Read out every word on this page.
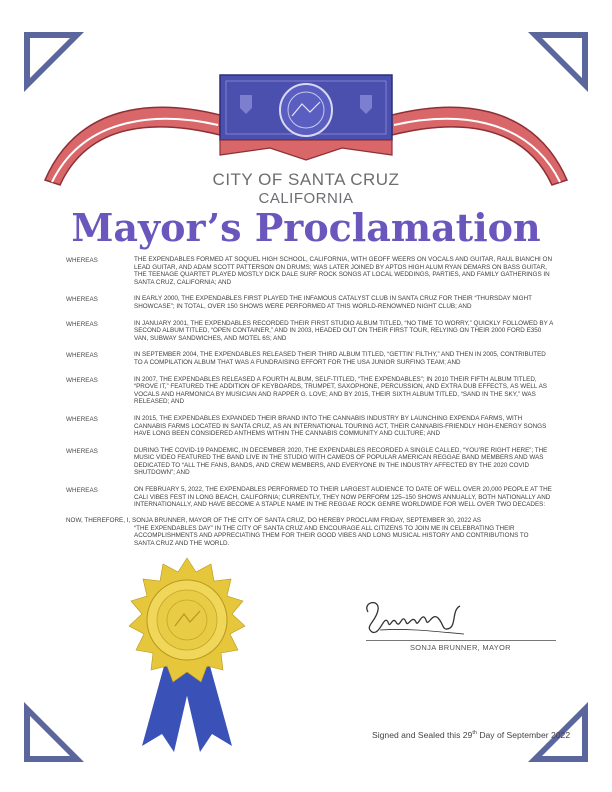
CITY OF SANTA CRUZ
CALIFORNIA
Mayor’s Proclamation
WHEREAS	THE EXPENDABLES FORMED AT SOQUEL HIGH SCHOOL, CALIFORNIA, WITH GEOFF WEERS ON VOCALS AND GUITAR, RAUL BIANCHI ON LEAD GUITAR, AND ADAM SCOTT PATTERSON ON DRUMS; WAS LATER JOINED BY APTOS HIGH ALUM RYAN DEMARS ON BASS GUITAR, THE TEENAGE QUARTET PLAYED MOSTLY DICK DALE SURF ROCK SONGS AT LOCAL WEDDINGS, PARTIES, AND FAMILY GATHERINGS IN SANTA CRUZ, CALIFORNIA; AND
WHEREAS	IN EARLY 2000, THE EXPENDABLES FIRST PLAYED THE INFAMOUS CATALYST CLUB IN SANTA CRUZ FOR THEIR “THURSDAY NIGHT SHOWCASE”; IN TOTAL, OVER 150 SHOWS WERE PERFORMED AT THIS WORLD-RENOWNED NIGHT CLUB; AND
WHEREAS	IN JANUARY 2001, THE EXPENDABLES RECORDED THEIR FIRST STUDIO ALBUM TITLED, “NO TIME TO WORRY,” QUICKLY FOLLOWED BY A SECOND ALBUM TITLED, “OPEN CONTAINER,” AND IN 2003, HEADED OUT ON THEIR FIRST TOUR, RELYING ON THEIR 2000 FORD E350 VAN, SUBWAY SANDWICHES, AND MOTEL 6S; AND
WHEREAS	IN SEPTEMBER 2004, THE EXPENDABLES RELEASED THEIR THIRD ALBUM TITLED, “GETTIN’ FILTHY,” AND THEN IN 2005, CONTRIBUTED TO A COMPILATION ALBUM THAT WAS A FUNDRAISING EFFORT FOR THE USA JUNIOR SURFING TEAM; AND
WHEREAS	IN 2007, THE EXPENDABLES RELEASED A FOURTH ALBUM, SELF-TITLED, “THE EXPENDABLES”; IN 2010 THEIR FIFTH ALBUM TITLED, “PROVE IT,” FEATURED THE ADDITION OF KEYBOARDS, TRUMPET, SAXOPHONE, PERCUSSION, AND EXTRA DUB EFFECTS, AS WELL AS VOCALS AND HARMONICA BY MUSICIAN AND RAPPER G. LOVE; AND BY 2015, THEIR SIXTH ALBUM TITLED, “SAND IN THE SKY,” WAS RELEASED; AND
WHEREAS	IN 2015, THE EXPENDABLES EXPANDED THEIR BRAND INTO THE CANNABIS INDUSTRY BY LAUNCHING EXPENDA FARMS, WITH CANNABIS FARMS LOCATED IN SANTA CRUZ, AS AN INTERNATIONAL TOURING ACT, THEIR CANNABIS-FRIENDLY HIGH-ENERGY SONGS HAVE LONG BEEN CONSIDERED ANTHEMS WITHIN THE CANNABIS COMMUNITY AND CULTURE; AND
WHEREAS	DURING THE COVID-19 PANDEMIC, IN DECEMBER 2020, THE EXPENDABLES RECORDED A SINGLE CALLED, “YOU’RE RIGHT HERE”; THE MUSIC VIDEO FEATURED THE BAND LIVE IN THE STUDIO WITH CAMEOS OF POPULAR AMERICAN REGGAE BAND MEMBERS AND WAS DEDICATED TO “ALL THE FANS, BANDS, AND CREW MEMBERS, AND EVERYONE IN THE INDUSTRY AFFECTED BY THE 2020 COVID SHUTDOWN”; AND
WHEREAS	ON FEBRUARY 5, 2022, THE EXPENDABLES PERFORMED TO THEIR LARGEST AUDIENCE TO DATE OF WELL OVER 20,000 PEOPLE AT THE CALI VIBES FEST IN LONG BEACH, CALIFORNIA; CURRENTLY, THEY NOW PERFORM 125–150 SHOWS ANNUALLY, BOTH NATIONALLY AND INTERNATIONALLY, AND HAVE BECOME A STAPLE NAME IN THE REGGAE ROCK GENRE WORLDWIDE FOR WELL OVER TWO DECADES:
NOW, THEREFORE, I, SONJA BRUNNER, MAYOR OF THE CITY OF SANTA CRUZ, DO HEREBY PROCLAIM FRIDAY, SEPTEMBER 30, 2022 AS
“THE EXPENDABLES DAY” IN THE CITY OF SANTA CRUZ AND ENCOURAGE ALL CITIZENS TO JOIN ME IN CELEBRATING THEIR ACCOMPLISHMENTS AND APPRECIATING THEM FOR THEIR GOOD VIBES AND LONG MUSICAL HISTORY AND CONTRIBUTIONS TO SANTA CRUZ AND THE WORLD.
SONJA BRUNNER, MAYOR
Signed and Sealed this 29th Day of September 2022
